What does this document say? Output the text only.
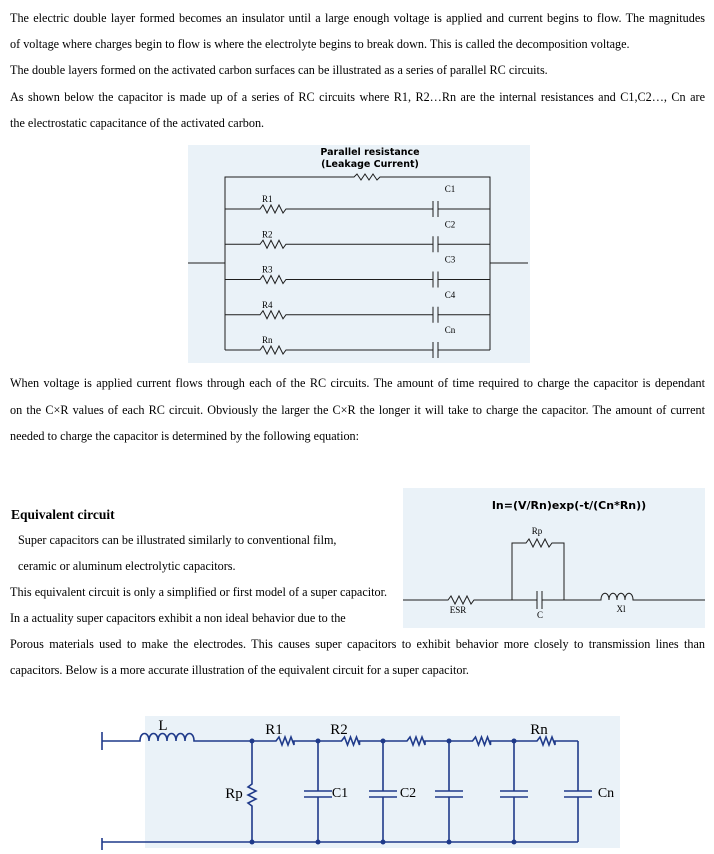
The electric double layer formed becomes an insulator until a large enough voltage is applied and current begins to flow. The magnitudes
of voltage where charges begin to flow is where the electrolyte begins to break down. This is called the decomposition voltage.
The double layers formed on the activated carbon surfaces can be illustrated as a series of parallel RC circuits.
As shown below the capacitor is made up of a series of RC circuits where R1, R2…Rn are the internal resistances and C1,C2…, Cn are
the electrostatic capacitance of the activated carbon.
Parallel resistance
(Leakage Current)
R1
C1
R2
C2
R3
C3
R4
C4
Rn
Cn
When voltage is applied current flows through each of the RC circuits. The amount of time required to charge the capacitor is dependant
on the C×R values of each RC circuit. Obviously the larger the C×R the longer it will take to charge the capacitor. The amount of current
needed to charge the capacitor is determined by the following equation:
Equivalent circuit
Super capacitors can be illustrated similarly to conventional film,
ceramic or aluminum electrolytic capacitors.
This equivalent circuit is only a simplified or first model of a super capacitor.
In a actuality super capacitors exhibit a non ideal behavior due to the
In=(V/Rn)exp(-t/(Cn*Rn))
Rp
ESR	C
Xl
Porous materials used to make the electrodes. This causes super capacitors to exhibit behavior more closely to transmission lines than
capacitors. Below is a more accurate illustration of the equivalent circuit for a super capacitor.
L	R1	R2	Rn
Rp	C1	C2	Cn
